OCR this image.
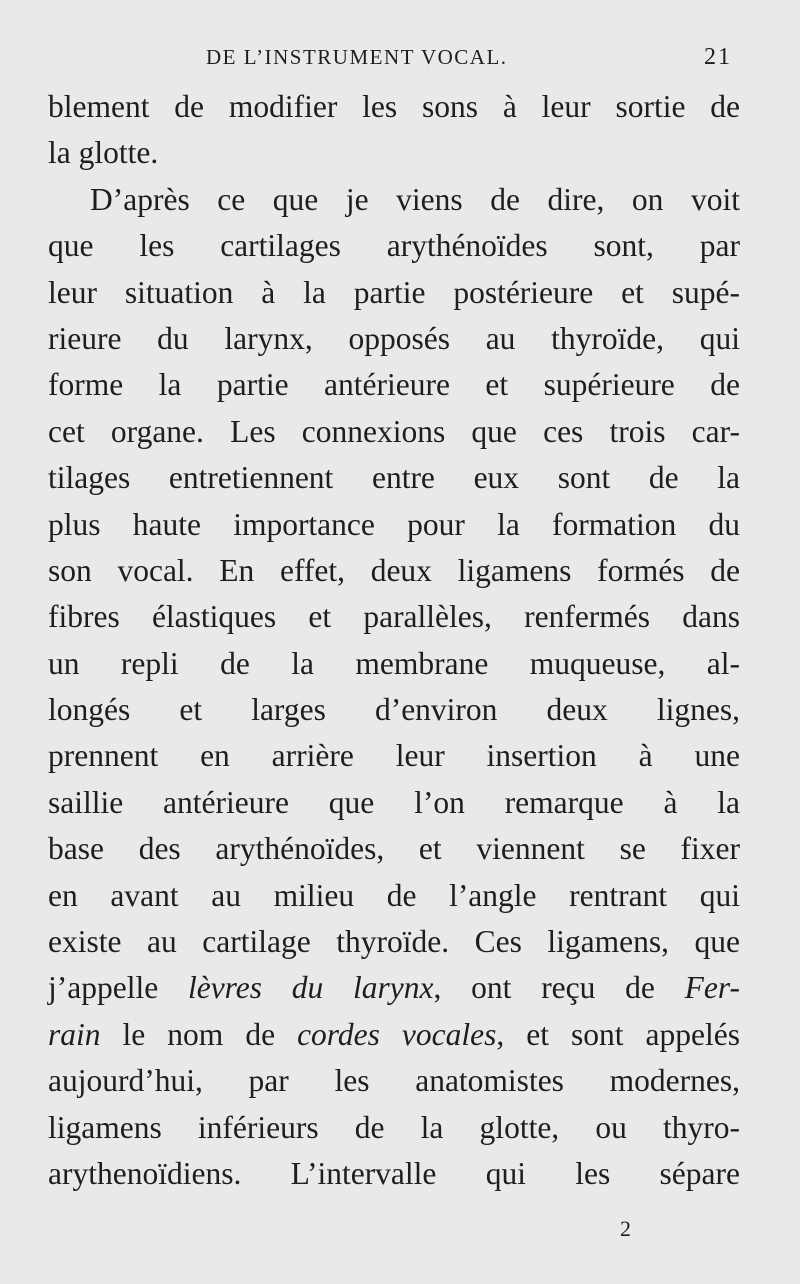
DE L’INSTRUMENT VOCAL.	21
blement de modifier les sons à leur sortie de
la glotte.
D’après ce que je viens de dire, on voit
que les cartilages arythénoïdes sont, par
leur situation à la partie postérieure et supé-
rieure du larynx, opposés au thyroïde, qui
forme la partie antérieure et supérieure de
cet organe. Les connexions que ces trois car-
tilages entretiennent entre eux sont de la
plus haute importance pour la formation du
son vocal. En effet, deux ligamens formés de
fibres élastiques et parallèles, renfermés dans
un repli de la membrane muqueuse, al-
longés et larges d’environ deux lignes,
prennent en arrière leur insertion à une
saillie antérieure que l’on remarque à la
base des arythénoïdes, et viennent se fixer
en avant au milieu de l’angle rentrant qui
existe au cartilage thyroïde. Ces ligamens, que
j’appelle lèvres du larynx, ont reçu de Fer-
rain le nom de cordes vocales, et sont appelés
aujourd’hui, par les anatomistes modernes,
ligamens inférieurs de la glotte, ou thyro-
arythenoïdiens. L’intervalle qui les sépare
2
